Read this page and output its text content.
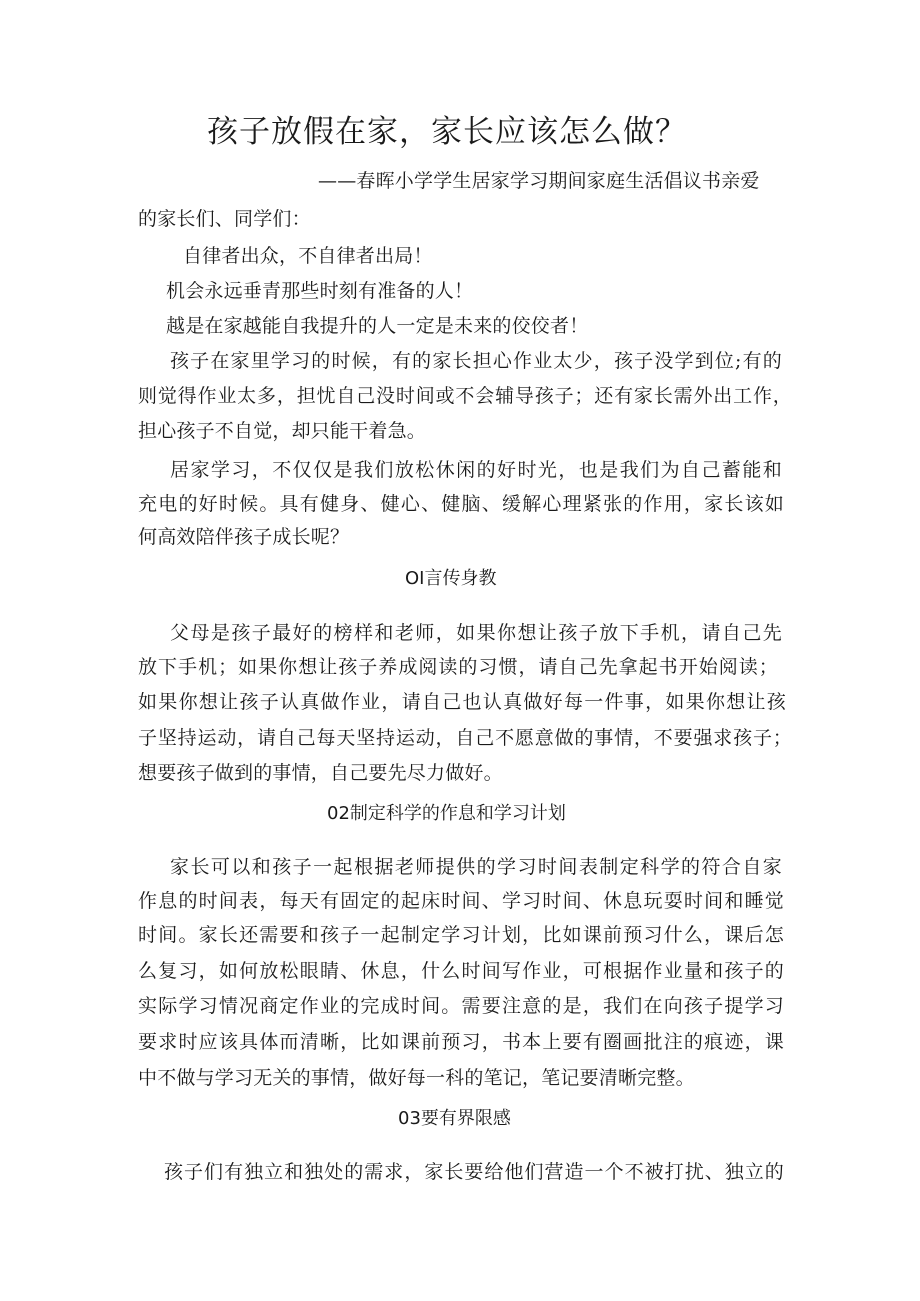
孩子放假在家，家长应该怎么做？
——春晖小学学生居家学习期间家庭生活倡议书亲爱
的家长们、同学们：
自律者出众，不自律者出局！
机会永远垂青那些时刻有准备的人！
越是在家越能自我提升的人一定是未来的佼佼者！
孩子在家里学习的时候，有的家长担心作业太少，孩子没学到位;有的
则觉得作业太多，担忧自己没时间或不会辅导孩子；还有家长需外出工作，
担心孩子不自觉，却只能干着急。
居家学习，不仅仅是我们放松休闲的好时光，也是我们为自己蓄能和
充电的好时候。具有健身、健心、健脑、缓解心理紧张的作用，家长该如
何高效陪伴孩子成长呢？
OI言传身教
父母是孩子最好的榜样和老师，如果你想让孩子放下手机，请自己先
放下手机；如果你想让孩子养成阅读的习惯，请自己先拿起书开始阅读；
如果你想让孩子认真做作业，请自己也认真做好每一件事，如果你想让孩
子坚持运动，请自己每天坚持运动，自己不愿意做的事情，不要强求孩子；
想要孩子做到的事情，自己要先尽力做好。
02制定科学的作息和学习计划
家长可以和孩子一起根据老师提供的学习时间表制定科学的符合自家
作息的时间表，每天有固定的起床时间、学习时间、休息玩耍时间和睡觉
时间。家长还需要和孩子一起制定学习计划，比如课前预习什么，课后怎
么复习，如何放松眼睛、休息，什么时间写作业，可根据作业量和孩子的
实际学习情况商定作业的完成时间。需要注意的是，我们在向孩子提学习
要求时应该具体而清晰，比如课前预习，书本上要有圈画批注的痕迹，课
中不做与学习无关的事情，做好每一科的笔记，笔记要清晰完整。
03要有界限感
孩子们有独立和独处的需求，家长要给他们营造一个不被打扰、独立的
